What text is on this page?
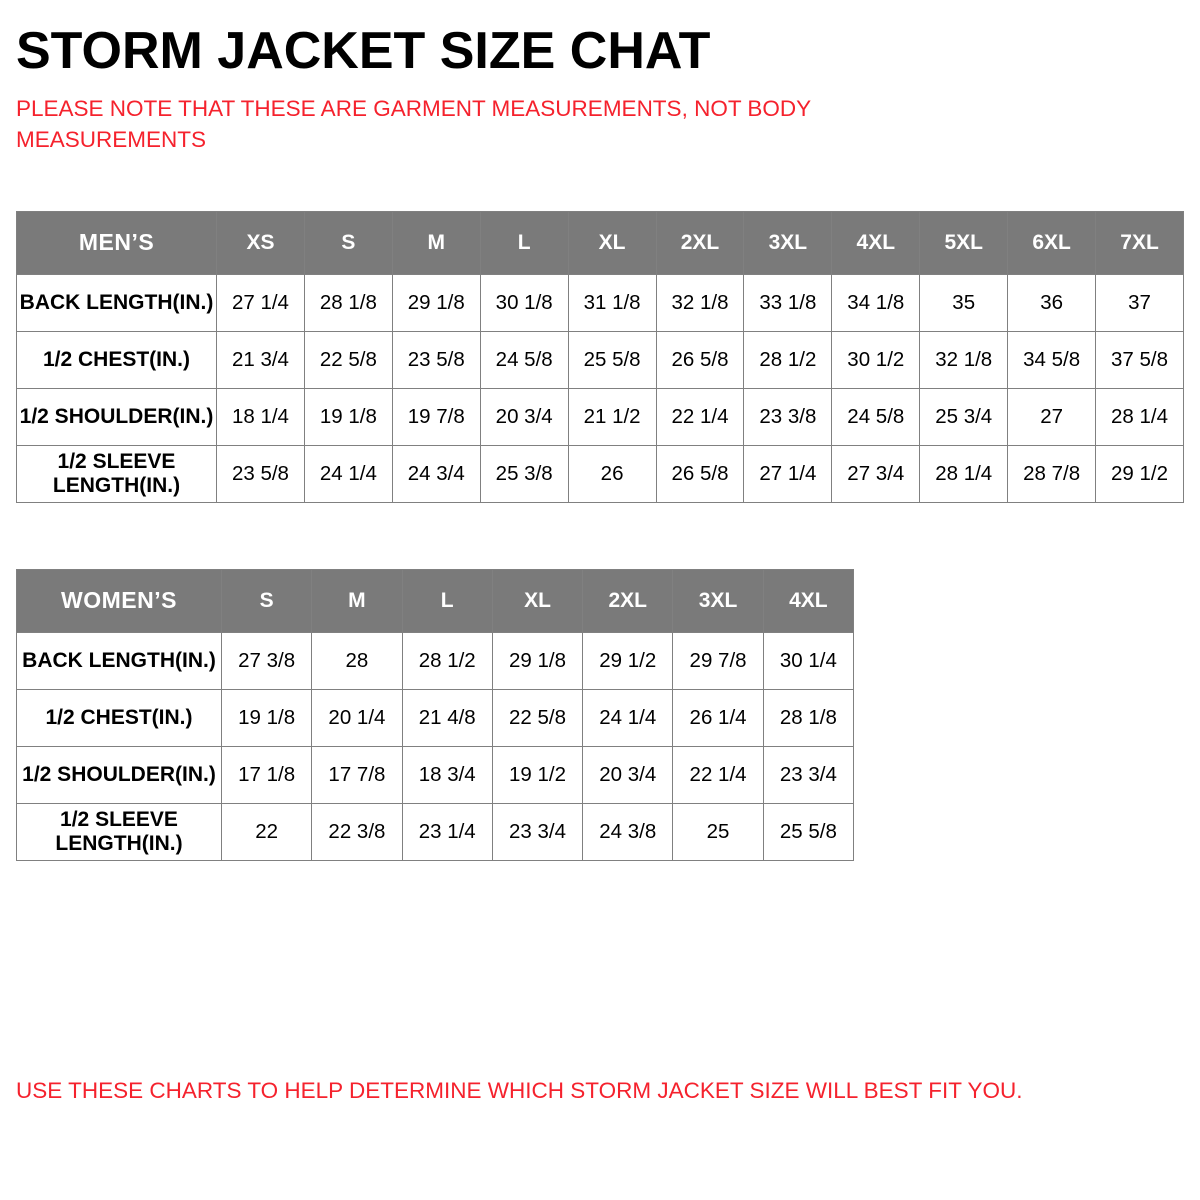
STORM JACKET SIZE CHAT

PLEASE NOTE THAT THESE ARE GARMENT MEASUREMENTS, NOT BODY MEASUREMENTS

MEN’S	XS	S	M	L	XL	2XL	3XL	4XL	5XL	6XL	7XL
BACK LENGTH(IN.)	27 1/4	28 1/8	29 1/8	30 1/8	31 1/8	32 1/8	33 1/8	34 1/8	35	36	37
1/2 CHEST(IN.)	21 3/4	22 5/8	23 5/8	24 5/8	25 5/8	26 5/8	28 1/2	30 1/2	32 1/8	34 5/8	37 5/8
1/2 SHOULDER(IN.)	18 1/4	19 1/8	19 7/8	20 3/4	21 1/2	22 1/4	23 3/8	24 5/8	25 3/4	27	28 1/4
1/2 SLEEVE LENGTH(IN.)	23 5/8	24 1/4	24 3/4	25 3/8	26	26 5/8	27 1/4	27 3/4	28 1/4	28 7/8	29 1/2
WOMEN’S	S	M	L	XL	2XL	3XL	4XL
BACK LENGTH(IN.)	27 3/8	28	28 1/2	29 1/8	29 1/2	29 7/8	30 1/4
1/2 CHEST(IN.)	19 1/8	20 1/4	21 4/8	22 5/8	24 1/4	26 1/4	28 1/8
1/2 SHOULDER(IN.)	17 1/8	17 7/8	18 3/4	19 1/2	20 3/4	22 1/4	23 3/4
1/2 SLEEVE LENGTH(IN.)	22	22 3/8	23 1/4	23 3/4	24 3/8	25	25 5/8

USE THESE CHARTS TO HELP DETERMINE WHICH STORM JACKET SIZE WILL BEST FIT YOU.
